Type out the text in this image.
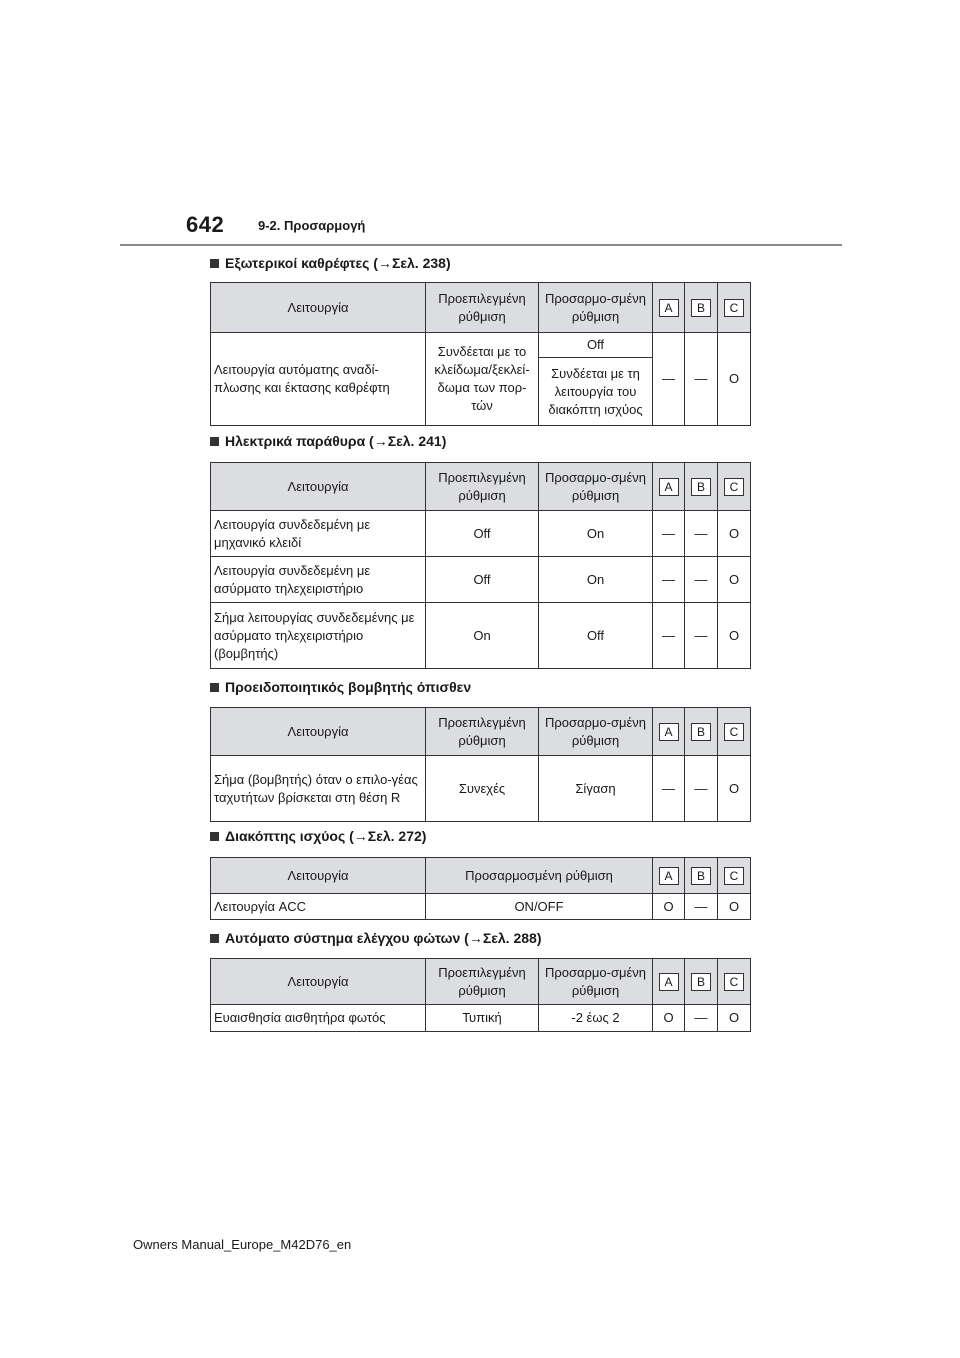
642	9-2. Προσαρμογή
Εξωτερικοί καθρέφτες (→Σελ. 238)
Λειτουργία	Προεπιλεγμένη ρύθμιση	Προσαρμο-σμένη ρύθμιση	A	B	C
Λειτουργία αυτόματης αναδί-πλωσης και έκτασης καθρέφτη	Συνδέεται με το κλείδωμα/ξεκλεί-δωμα των πορ-τών	Off	—	—	O
		Συνδέεται με τη λειτουργία του διακόπτη ισχύος			
Ηλεκτρικά παράθυρα (→Σελ. 241)
Λειτουργία	Προεπιλεγμένη ρύθμιση	Προσαρμο-σμένη ρύθμιση	A	B	C
Λειτουργία συνδεδεμένη με μηχανικό κλειδί	Off	On	—	—	O
Λειτουργία συνδεδεμένη με ασύρματο τηλεχειριστήριο	Off	On	—	—	O
Σήμα λειτουργίας συνδεδεμένης με ασύρματο τηλεχειριστήριο (βομβητής)	On	Off	—	—	O
Προειδοποιητικός βομβητής όπισθεν
Λειτουργία	Προεπιλεγμένη ρύθμιση	Προσαρμο-σμένη ρύθμιση	A	B	C
Σήμα (βομβητής) όταν ο επιλο-γέας ταχυτήτων βρίσκεται στη θέση R	Συνεχές	Σίγαση	—	—	O
Διακόπτης ισχύος (→Σελ. 272)
Λειτουργία	Προσαρμοσμένη ρύθμιση	A	B	C
Λειτουργία ACC	ON/OFF	O	—	O
Αυτόματο σύστημα ελέγχου φώτων (→Σελ. 288)
Λειτουργία	Προεπιλεγμένη ρύθμιση	Προσαρμο-σμένη ρύθμιση	A	B	C
Ευαισθησία αισθητήρα φωτός	Τυπική	-2 έως 2	O	—	O
Owners Manual_Europe_M42D76_en
